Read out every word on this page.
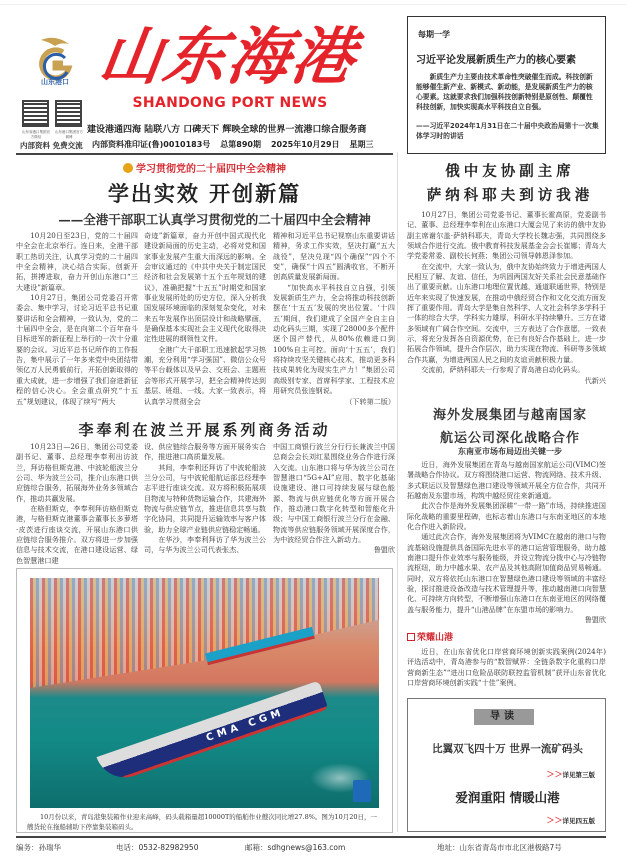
山东港口 山东海港
SHANDONG PORT NEWS
山东省港口集团官方微信
山东港口集团官方微博
内部资料 免费交流
建设港通四海 陆联八方 口碑天下 辉映全球的世界一流港口综合服务商
内部资料准印证(鲁)0010183号 总第890期 2025年10月29日 星期三
每期一学
习近平论发展新质生产力的核心要素
新质生产力主要由技术革命性突破催生而成。科技创新能够催生新产业、新模式、新动能，是发展新质生产力的核心要素。这就要求我们加强科技创新特别是原创性、颠覆性科技创新，加快实现高水平科技自立自强。
——习近平2024年1月31日在二十届中央政治局第十一次集体学习时的讲话
学习贯彻党的二十届四中全会精神
学出实效 开创新篇
——全港干部职工认真学习贯彻党的二十届四中全会精神

10月20日至23日，党的二十届四中全会在北京举行。连日来，全港干部职工热切关注，认真学习党的二十届四中全会精神，决心结合实际，创新开拓，拼搏进取，奋力开创山东港口“三大建设”新篇章。

10月27日，集团公司党委召开常委会、集中学习，讨论习近平总书记重要讲话和全会精神，一致认为，党的二十届四中全会，是在向第二个百年奋斗目标进军的新征程上举行的一次十分重要的会议。习近平总书记所作的工作报告，集中展示了一年多来党中央团结带领亿万人民勇毅前行，开拓创新取得的重大成就，进一步增强了我们奋进新征程的信心决心。全会重点研究“十五五”规划建议，体现了续写“两大

奇迹”新篇章，奋力开创中国式现代化建设新局面的历史主动，必将对党和国家事业发展产生重大而深远的影响。全会审议通过的《中共中央关于制定国民经济和社会发展第十五个五年规划的建议》，准确把握“十五五”时期党和国家事业发展所处的历史方位，深入分析我国发展环境面临的深刻复杂变化，对未来五年发展作出顶层设计和战略擘画，是确保基本实现社会主义现代化取得决定性进展的纲领性文件。

全港广大干部职工迅速掀起学习热潮，充分利用“学习强国”、微信公众号等平台载体以及早会、交班会、主题班会等形式开展学习，把全会精神传达到基层、班组、一线。大家一致表示，将认真学习贯彻全会

精神和习近平总书记视察山东重要讲话精神，务求工作实效，坚决打赢“五大战役”，坚决兑现“四个确保”“四个不变”，确保“十四五”圆满收官，不断开创高质量发展新局面。

“加快高水平科技自立自强，引领发展新质生产力，全会将推动科技创新摆在‘十五五’发展的突出位置。‘十四五’期间，我们建成了全国产全自主自动化码头三期，实现了28000多个配件逐个国产替代，从80%依赖进口到100%自主可控。面向‘十五五’，我们将持续攻坚关键核心技术，推动更多科技成果转化为现实生产力！”集团公司高级别专家、首席科学家、工程技术应用研究员张连钢说。

（下转第二版）

李奉利在波兰开展系列商务活动

10月23日—26日，集团公司党委副书记、董事、总经理李奉利出访波兰，拜访格但斯克港、中波轮船波兰分公司、华为波兰公司，推介山东港口供应链综合服务，拓展海外业务多领域合作，推动共赢发展。

在格但斯克，李奉利拜访格但斯克港，与格但斯克港董事会董事长多萝塔·皮茨进行座谈交流，开展山东港口供应链综合服务推介。双方将进一步加强信息与技术交流，在港口建设运营、绿色智慧港口建

设、供应链综合服务等方面开展务实合作，推进港口高质量发展。

其间，李奉利还拜访了中波轮船波兰分公司，与中波轮船航运部总经理李志平进行座谈交流。双方将积极拓展项目物流与特种货物运输合作，共建海外物流与供应链节点，推进信息共享与数字化协同，共同提升运输效率与客户体验，助力全球产业链供应链稳定畅通。

在华沙，李奉利拜访了华为波兰公司，与华为波兰公司代表张杰、

中国工商银行波兰分行行长兼波兰中国总商会会长刘红星围绕业务合作进行深入交流。山东港口将与华为波兰公司在智慧港口“5G+AI”应用、数字化基础设施建设、港口可持续发展与绿色能源、物流与供应链优化等方面开展合作，推动港口数字化转型和智能化升级；与中国工商银行波兰分行在金融、物流等供应链服务领域开展深度合作，为中波经贸合作注入新动力。

鲁盟欣

CMA CGM
10月份以来，青岛港集装箱作业迎来高峰，码头载箱量超10000T的船舶作业艘次同比增27.8%。图为10月20日，一艘货轮在拖船辅助下停靠集装箱码头。
俄中友协副主席
萨纳科耶夫到访我港

10月27日，集团公司党委书记、董事长霍高原，党委副书记、董事、总经理李奉利在山东港口大厦会见了来访的俄中友协副主席谢尔盖·萨纳科耶夫，青岛大学校长魏志强，共同围绕多领域合作进行交流。俄中教育科技发展基金会会长崔娜；青岛大学党委常委、副校长何燕；集团公司领导韩恩泽参加。

在交流中，大家一致认为，俄中友协始终致力于增进两国人民相互了解、友谊、信任，为巩固两国友好关系社会民意基础作出了重要贡献。山东港口地理位置优越，通道联通世界，特别是近年来实现了快速发展，在推动中俄经贸合作和文化交流方面发挥了重要作用。青岛大学是集自然科学、人文社会科学多学科于一体的综合大学，学科实力雄厚，科研水平持续攀升。三方在诸多领域有广阔合作空间。交流中，三方表达了合作意愿，一致表示，将充分发挥各自资源优势，在已有良好合作基础上，进一步拓展合作领域，提升合作层次，助力实现在物流、科研等多领域合作共赢，为增进两国人民之间的友谊贡献积极力量。

交流前，萨纳科耶夫一行参观了青岛港自动化码头。

代新兴

海外发展集团与越南国家
航运公司深化战略合作
东南亚市场布局迈出关键一步

近日，海外发展集团在青岛与越南国家航运公司(VIMC)签署战略合作协议。双方将围绕港口运营、物流网络、技术升级、多式联运以及智慧绿色港口建设等领域开展全方位合作，共同开拓越南及东盟市场，构筑中越经贸往来新通道。

此次合作是海外发展集团深耕“一带一路”市场，持续推进国际化战略的重要里程碑，也标志着山东港口与东南亚地区的本地化合作进入新阶段。

通过此次合作，海外发展集团将为VIMC在越南的港口与物流基础设施提供具备国际先进水平的港口运营管理服务，助力越南港口提升作业效率与服务能级，并设立物流分拨中心与冷链物流枢纽，助力中越水果、农产品及其他高附加值商品贸易畅通。同时，双方将依托山东港口在智慧绿色港口建设等领域的丰富经验，探讨推进设备改造与技术管理提升等，推动越南港口向智慧化、可持续方向转型，不断增强山东港口在东南亚地区的网络覆盖与服务能力，提升“山港品牌”在东盟市场的影响力。

鲁盟欣

荣耀山港

近日，在山东省优化口岸营商环境创新实践案例(2024年)评选活动中，青岛港参与的“数智赋界：全链条数字化重构口岸营商新生态”“进出口危险品联防联控监管机制”获评山东省优化口岸营商环境创新实践“十佳”案例。

导读
比翼双飞四十万 世界一流矿码头
＞＞详见第三版
爱润重阳 情暖山港
＞＞详见四五版
编务：孙瑞华	电话：0532-82982950	邮箱：sdhgnews@163.com	地址：山东省青岛市市北区港极路7号
